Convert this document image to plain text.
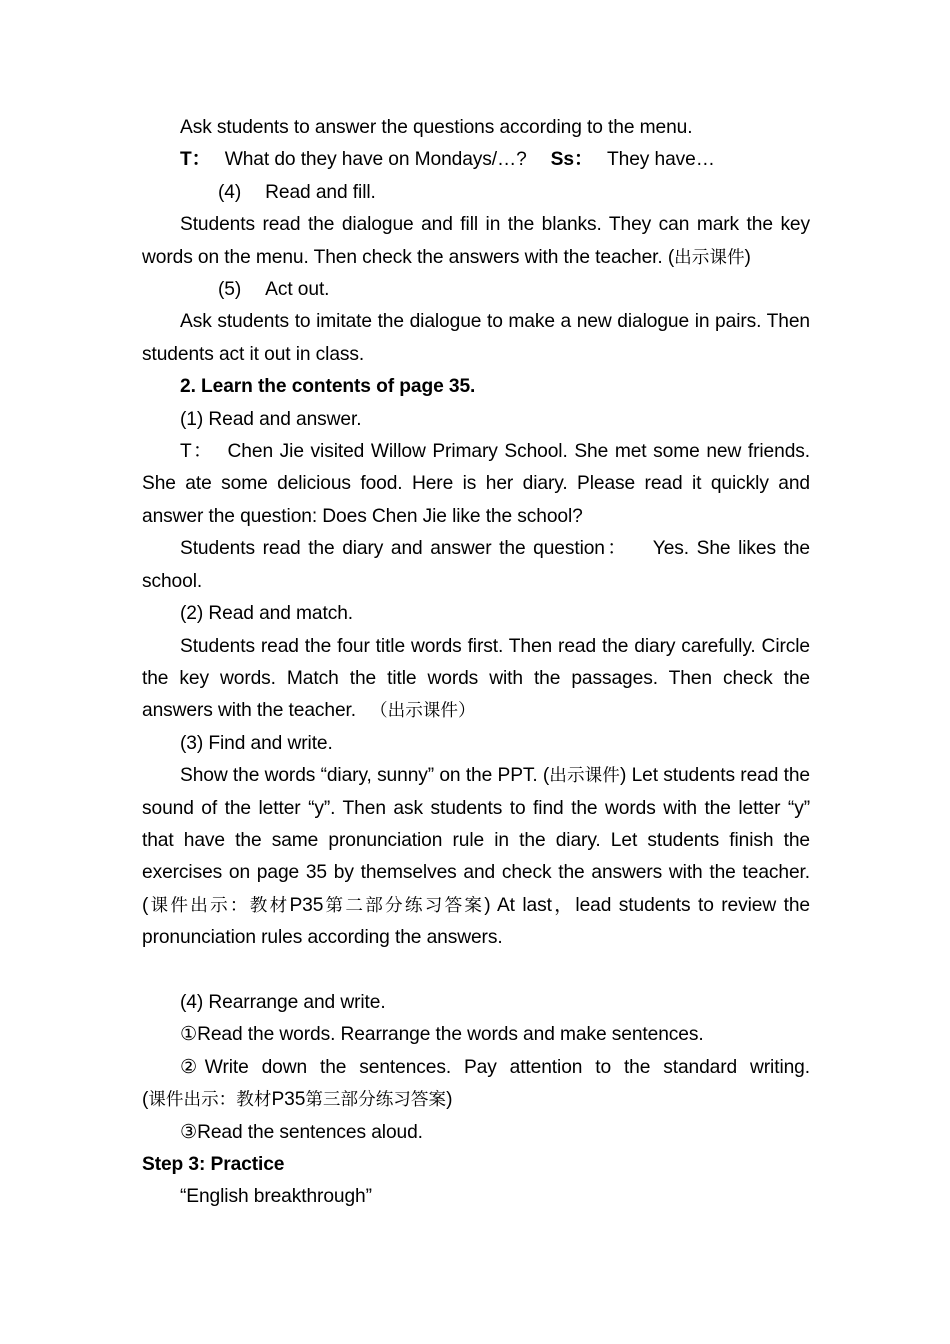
Ask students to answer the questions according to the menu.

T： What do they have on Mondays/…? Ss： They have…

(4) Read and fill.

Students read the dialogue and fill in the blanks. They can mark the key words on the menu. Then check the answers with the teacher. (出示课件)

(5) Act out.

Ask students to imitate the dialogue to make a new dialogue in pairs. Then students act it out in class.

2. Learn the contents of page 35.

(1) Read and answer.

T： Chen Jie visited Willow Primary School. She met some new friends. She ate some delicious food. Here is her diary. Please read it quickly and answer the question: Does Chen Jie like the school?

Students read the diary and answer the question： Yes. She likes the school.

(2) Read and match.

Students read the four title words first. Then read the diary carefully. Circle the key words. Match the title words with the passages. Then check the answers with the teacher. （出示课件）

(3) Find and write.

Show the words “diary, sunny” on the PPT. (出示课件) Let students read the sound of the letter “y”. Then ask students to find the words with the letter “y” that have the same pronunciation rule in the diary. Let students finish the exercises on page 35 by themselves and check the answers with the teacher. (课件出示：教材P35第二部分练习答案) At last，lead students to review the pronunciation rules according the answers.

(4) Rearrange and write.

①Read the words. Rearrange the words and make sentences.

②Write down the sentences. Pay attention to the standard writing.

(课件出示：教材P35第三部分练习答案)

③Read the sentences aloud.

Step 3: Practice

“English breakthrough”
